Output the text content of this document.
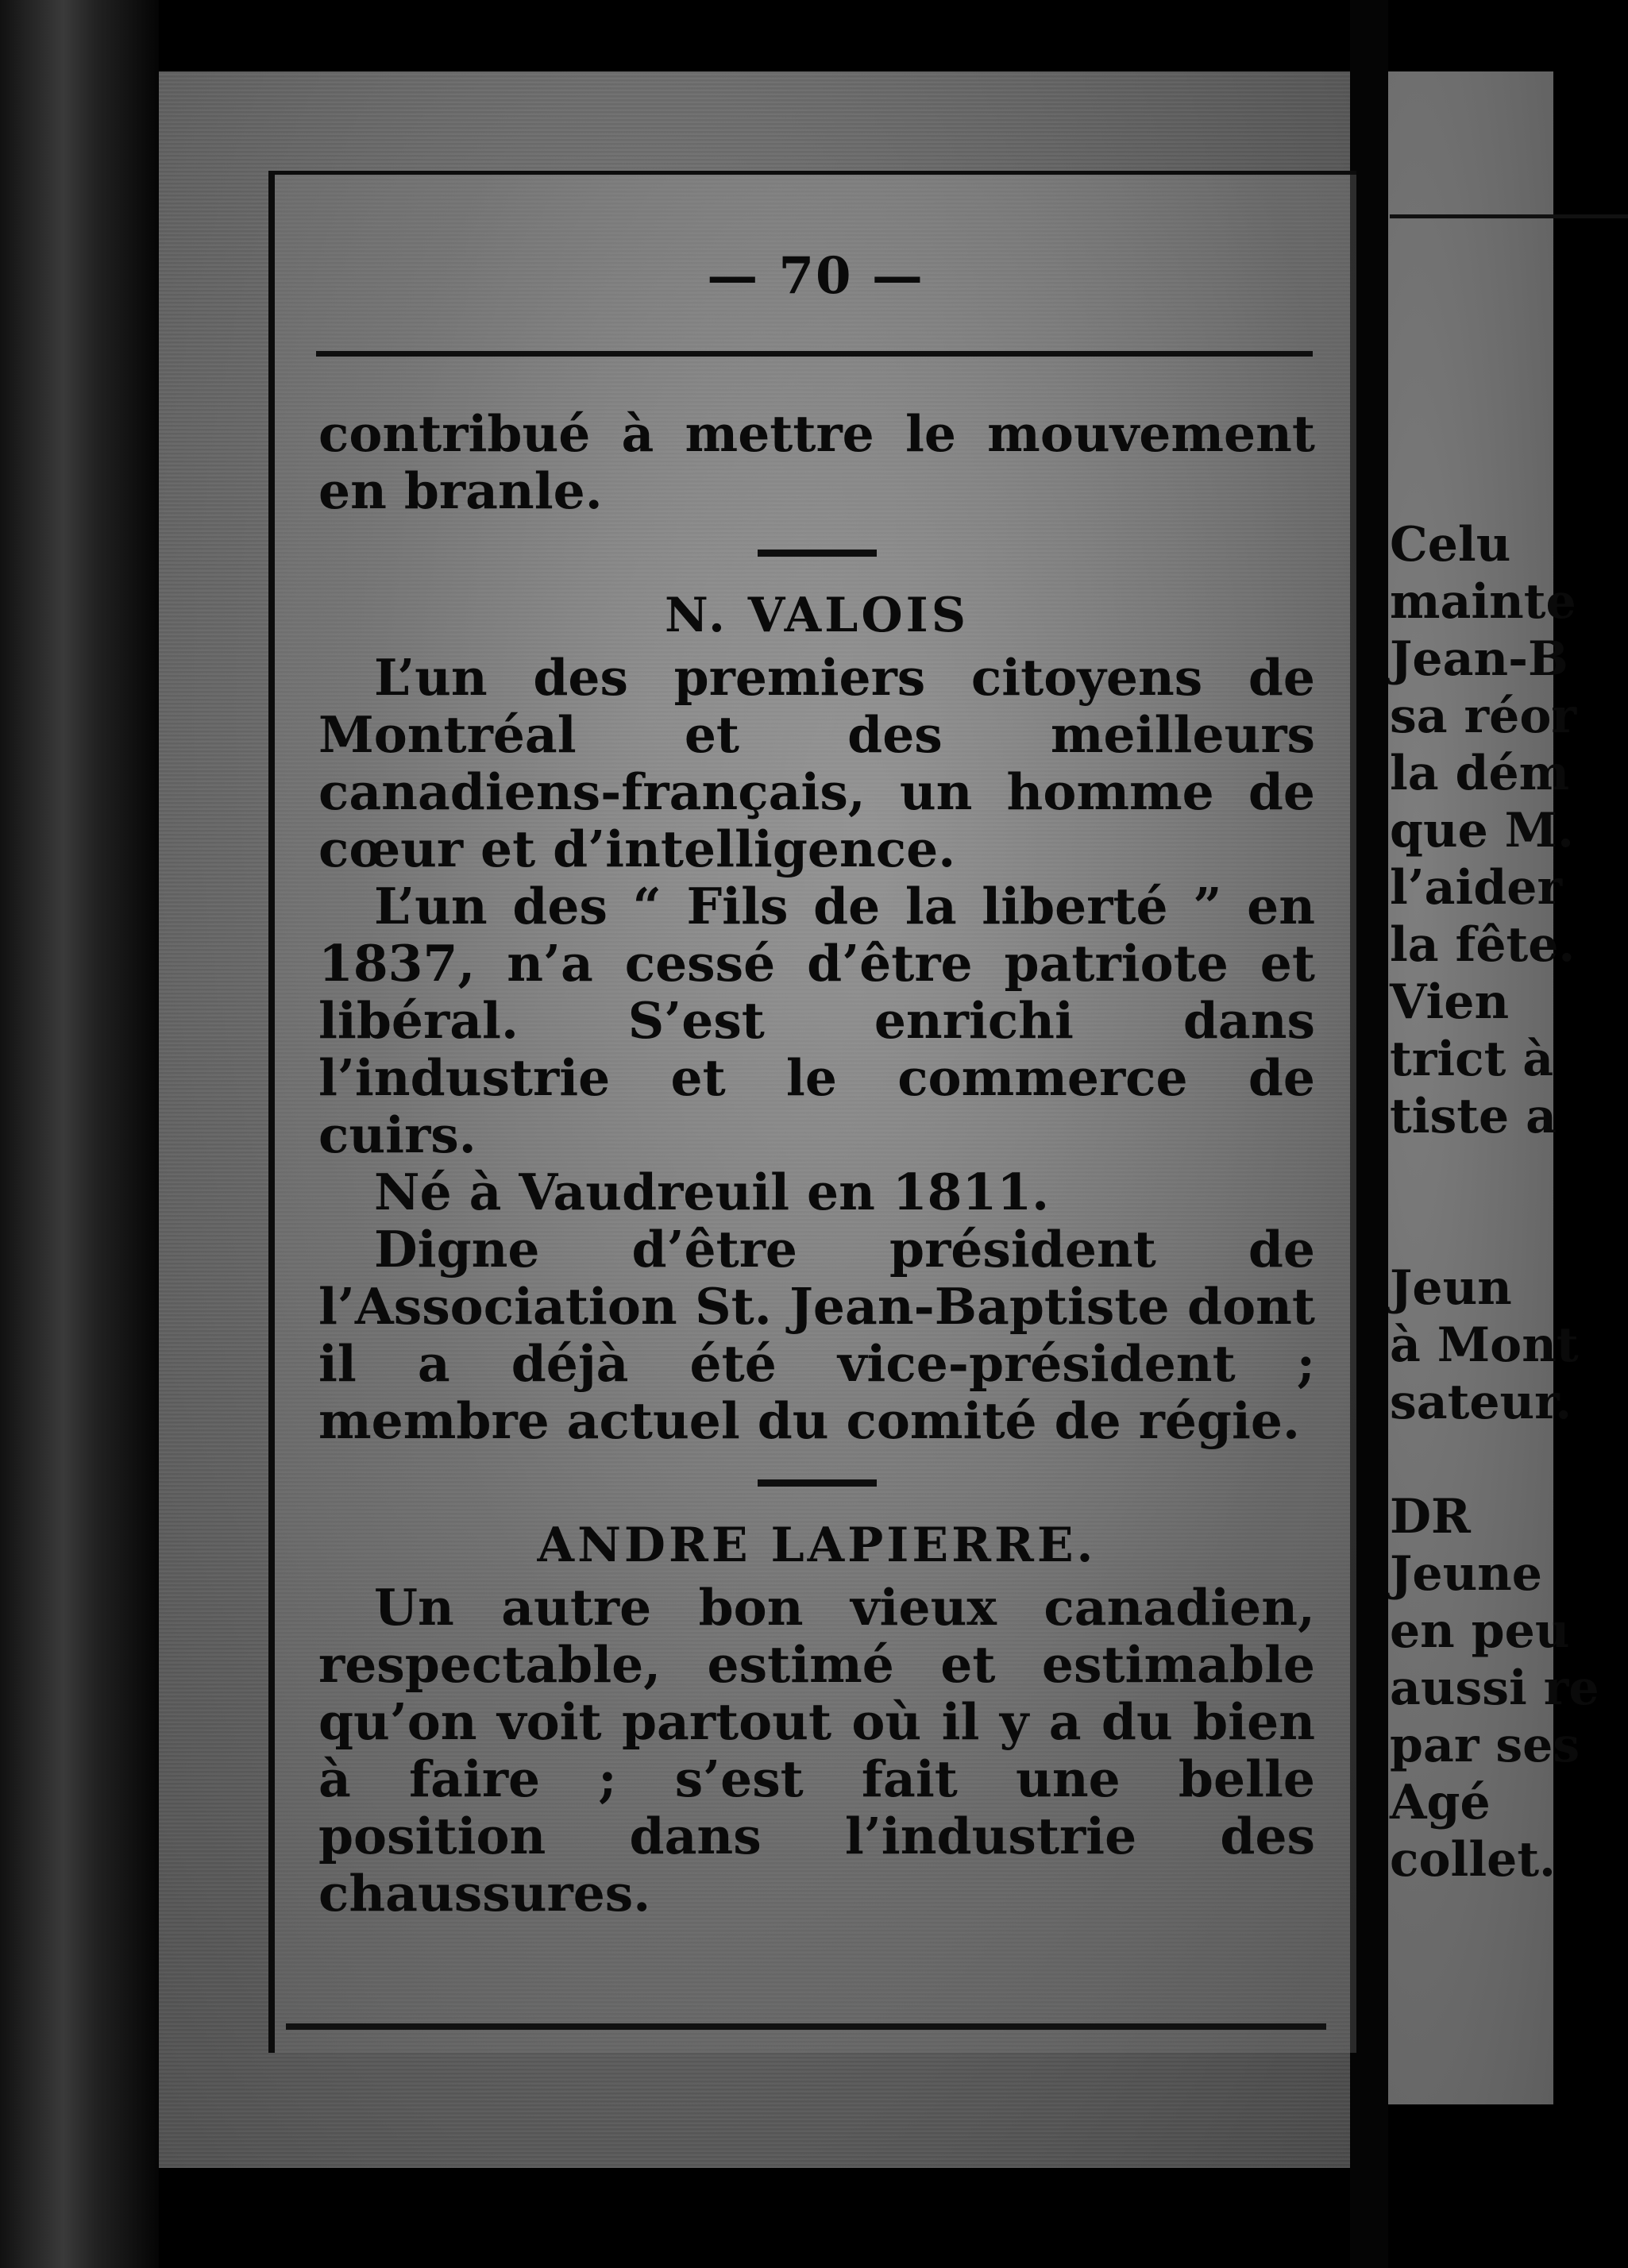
Celu
mainte
Jean-B
sa réor
la dém
que M.
l’aider
la fête.
Vien
trict à
tiste a
Jeun
à Mont
sateur.
DR
Jeune
en peu
aussi re
par ses
Agé
collet.
— 70 —

contribué à mettre le mouvement en branle.

N. VALOIS

L’un des premiers citoyens de Montréal et des meilleurs canadiens-français, un homme de cœur et d’intelligence.

L’un des “ Fils de la liberté ” en 1837, n’a cessé d’être patriote et libéral. S’est enrichi dans l’industrie et le commerce de cuirs.

Né à Vaudreuil en 1811.

Digne d’être président de l’Association St. Jean-Baptiste dont il a déjà été vice-président ; membre actuel du comité de régie.

ANDRE LAPIERRE.

Un autre bon vieux canadien, respectable, estimé et estimable qu’on voit partout où il y a du bien à faire ; s’est fait une belle position dans l’industrie des chaussures.
